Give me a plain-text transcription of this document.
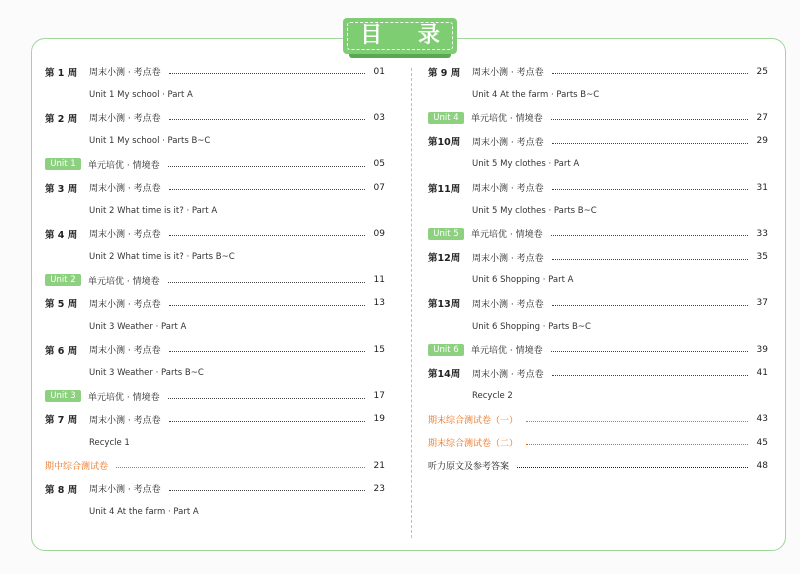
目 录
第 1 周	周末小测 · 考点卷	01
Unit 1 My school · Part A
第 2 周	周末小测 · 考点卷	03
Unit 1 My school · Parts B~C
Unit 1	单元培优 · 情境卷	05
第 3 周	周末小测 · 考点卷	07
Unit 2 What time is it? · Part A
第 4 周	周末小测 · 考点卷	09
Unit 2 What time is it? · Parts B~C
Unit 2	单元培优 · 情境卷	11
第 5 周	周末小测 · 考点卷	13
Unit 3 Weather · Part A
第 6 周	周末小测 · 考点卷	15
Unit 3 Weather · Parts B~C
Unit 3	单元培优 · 情境卷	17
第 7 周	周末小测 · 考点卷	19
Recycle 1
期中综合测试卷	21
第 8 周	周末小测 · 考点卷	23
Unit 4 At the farm · Part A
第 9 周	周末小测 · 考点卷	25
Unit 4 At the farm · Parts B~C
Unit 4	单元培优 · 情境卷	27
第10周	周末小测 · 考点卷	29
Unit 5 My clothes · Part A
第11周	周末小测 · 考点卷	31
Unit 5 My clothes · Parts B~C
Unit 5	单元培优 · 情境卷	33
第12周	周末小测 · 考点卷	35
Unit 6 Shopping · Part A
第13周	周末小测 · 考点卷	37
Unit 6 Shopping · Parts B~C
Unit 6	单元培优 · 情境卷	39
第14周	周末小测 · 考点卷	41
Recycle 2
期末综合测试卷（一）	43
期末综合测试卷（二）	45
听力原文及参考答案	48
